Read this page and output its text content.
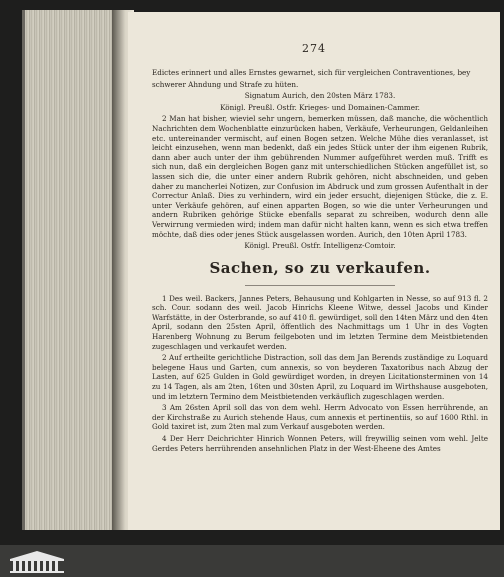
274

Edictes erinnert und alles Ernstes gewarnet, sich für vergleichen Contraventiones, bey

schwerer Ahndung und Strafe zu hüten.

Signatum Aurich, den 20sten März 1783.

Königl. Preußl. Ostfr. Krieges- und Domainen-Cammer.

2 Man hat bisher, wieviel sehr ungern, bemerken müssen, daß manche, die wöchentlich Nachrichten dem Wochenblatte einzurücken haben, Verkäufe, Verheurungen, Geldanleihen etc. untereinander vermischt, auf einen Bogen setzen. Welche Mühe dies veranlasset, ist leicht einzusehen, wenn man bedenkt, daß ein jedes Stück unter der ihm eigenen Rubrik, dann aber auch unter der ihm gebührenden Nummer aufgeführet werden muß. Trifft es sich nun, daß ein dergleichen Bogen ganz mit unterschiedlichen Stücken angefüllet ist, so lassen sich die, die unter einer andern Rubrik gehören, nicht abschneiden, und geben daher zu mancherlei Notizen, zur Confusion im Abdruck und zum grossen Aufenthalt in der Correctur Anlaß. Dies zu verhindern, wird ein jeder ersucht, diejenigen Stücke, die z. E. unter Verkäufe gehören, auf einen apparten Bogen, so wie die unter Verheurungen und andern Rubriken gehörige Stücke ebenfalls separat zu schreiben, wodurch denn alle Verwirrung vermieden wird; indem man dafür nicht halten kann, wenn es sich etwa treffen möchte, daß dies oder jenes Stück ausgelassen worden. Aurich, den 10ten April 1783.

Königl. Preußl. Ostfr. Intelligenz-Comtoir.

Sachen, so zu verkaufen.

1 Des weil. Backers, Jannes Peters, Behausung und Kohlgarten in Nesse, so auf 913 fl. 2 sch. Cour. sodann des weil. Jacob Hinrichs Kleene Witwe, dessel Jacobs und Kinder Warfstätte, in der Osterbrande, so auf 410 fl. gewürdiget, soll den 14ten März und den 4ten April, sodann den 25sten April, öffentlich des Nachmittags um 1 Uhr in des Vogten Harenberg Wohnung zu Berum feilgeboten und im letzten Termine dem Meistbietenden zugeschlagen und verkaufet werden.

2 Auf ertheilte gerichtliche Distraction, soll das dem Jan Berends zuständige zu Loquard belegene Haus und Garten, cum annexis, so von beyderen Taxatoribus nach Abzug der Lasten, auf 625 Gulden in Gold gewürdiget worden, in dreyen Licitationsterminen von 14 zu 14 Tagen, als am 2ten, 16ten und 30sten April, zu Loquard im Wirthshause ausgeboten, und im letztern Termino dem Meistbietenden verkäuflich zugeschlagen werden.

3 Am 26sten April soll das von dem wehl. Herrn Advocato von Essen herrührende, an der Kirchstraße zu Aurich stehende Haus, cum annexis et pertinentiis, so auf 1600 Rthl. in Gold taxiret ist, zum 2ten mal zum Verkauf ausgeboten werden.

4 Der Herr Deichrichter Hinrich Wonnen Peters, will freywillig seinen vom wehl. Jelte Gerdes Peters herrührenden ansehnlichen Platz in der West-Eheene des Amtes
